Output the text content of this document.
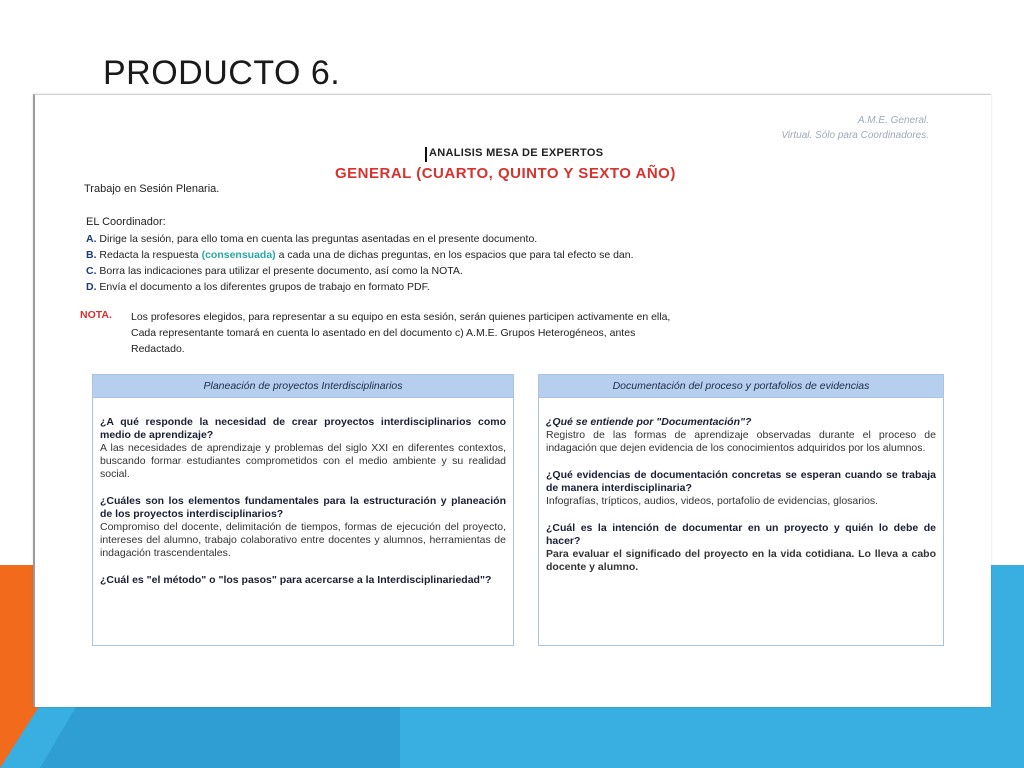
PRODUCTO 6.
A.M.E. General.
Virtual. Sólo para Coordinadores.
ANALISIS MESA DE EXPERTOS
GENERAL (CUARTO, QUINTO Y SEXTO AÑO)
Trabajo en Sesión Plenaria.
EL Coordinador:
A. Dirige la sesión, para ello toma en cuenta las preguntas asentadas en el presente documento.
B. Redacta la respuesta (consensuada) a cada una de dichas preguntas, en los espacios que para tal efecto se dan.
C. Borra las indicaciones para utilizar el presente documento, así como la NOTA.
D. Envía el documento a los diferentes grupos de trabajo en formato PDF.
NOTA. Los profesores elegidos, para representar a su equipo en esta sesión, serán quienes participen activamente en ella,
Cada representante tomará en cuenta lo asentado en del documento c) A.M.E. Grupos Heterogéneos, antes
Redactado.
Planeación de proyectos Interdisciplinarios
¿A qué responde la necesidad de crear proyectos interdisciplinarios como medio de aprendizaje?
A las necesidades de aprendizaje y problemas del siglo XXI en diferentes contextos, buscando formar estudiantes comprometidos con el medio ambiente y su realidad social.
¿Cuáles son los elementos fundamentales para la estructuración y planeación de los proyectos interdisciplinarios?
Compromiso del docente, delimitación de tiempos, formas de ejecución del proyecto, intereses del alumno, trabajo colaborativo entre docentes y alumnos, herramientas de indagación trascendentales.
¿Cuál es "el método" o "los pasos" para acercarse a la Interdisciplinariedad"?
Documentación del proceso y portafolios de evidencias
¿Qué se entiende por "Documentación"?
Registro de las formas de aprendizaje observadas durante el proceso de indagación que dejen evidencia de los conocimientos adquiridos por los alumnos.
¿Qué evidencias de documentación concretas se esperan cuando se trabaja de manera interdisciplinaria?
Infografías, trípticos, audios, videos, portafolio de evidencias, glosarios.
¿Cuál es la intención de documentar en un proyecto y quién lo debe de hacer?
Para evaluar el significado del proyecto en la vida cotidiana. Lo lleva a cabo docente y alumno.
